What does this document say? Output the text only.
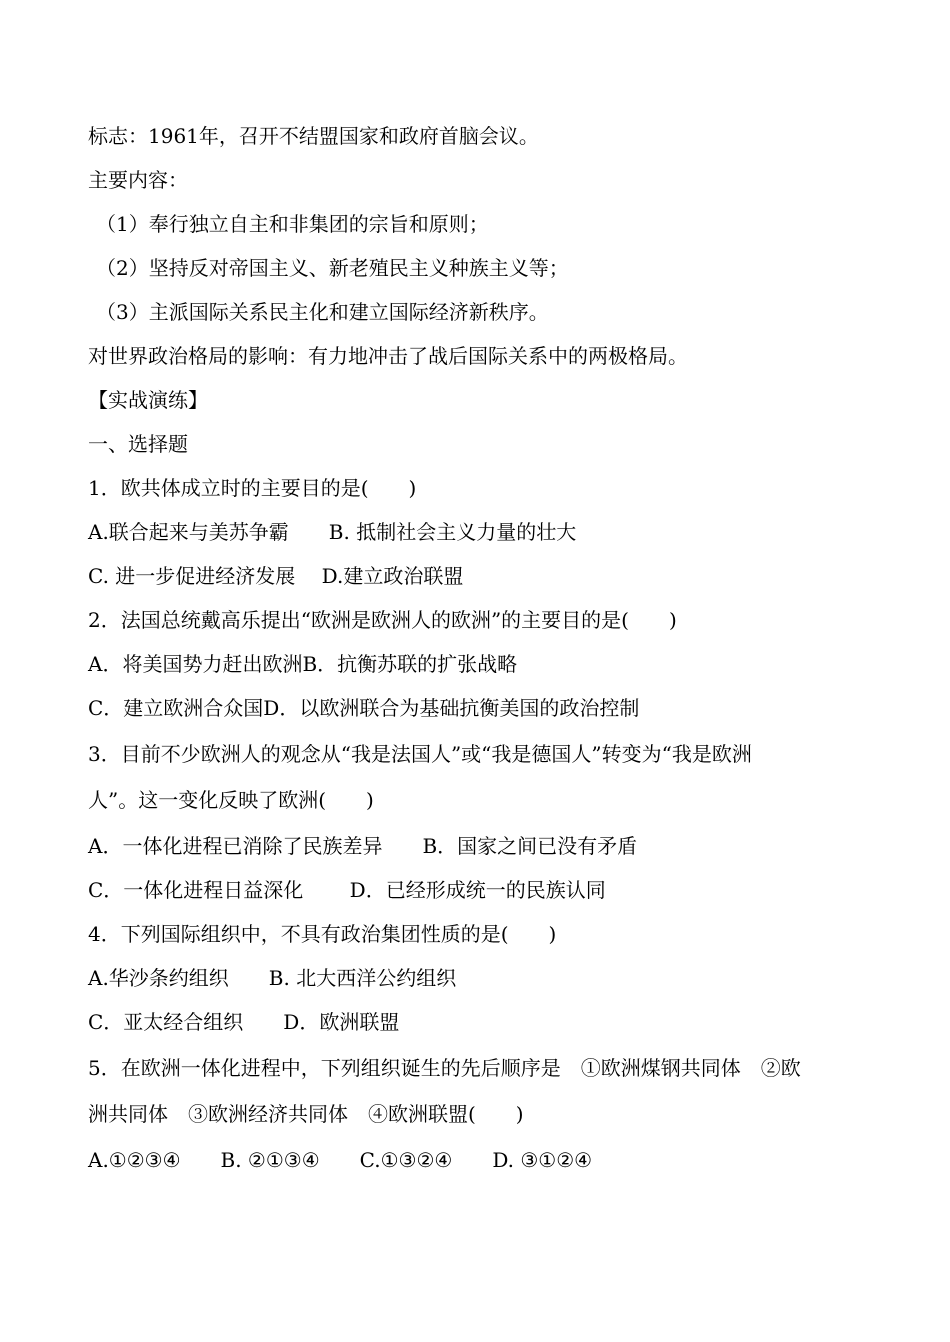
标志：1961年，召开不结盟国家和政府首脑会议。
主要内容：
（1）奉行独立自主和非集团的宗旨和原则；
（2）坚持反对帝国主义、新老殖民主义种族主义等；
（3）主派国际关系民主化和建立国际经济新秩序。
对世界政治格局的影响：有力地冲击了战后国际关系中的两极格局。
【实战演练】
一、选择题
1．欧共体成立时的主要目的是(　　)
A.联合起来与美苏争霸　　B. 抵制社会主义力量的壮大
C. 进一步促进经济发展　 D.建立政治联盟
2．法国总统戴高乐提出“欧洲是欧洲人的欧洲”的主要目的是(　　)
A．将美国势力赶出欧洲B．抗衡苏联的扩张战略
C．建立欧洲合众国D．以欧洲联合为基础抗衡美国的政治控制
3．目前不少欧洲人的观念从“我是法国人”或“我是德国人”转变为“我是欧洲
人”。这一变化反映了欧洲(　　)
A．一体化进程已消除了民族差异　　B．国家之间已没有矛盾
C．一体化进程日益深化　　 D．已经形成统一的民族认同
4．下列国际组织中，不具有政治集团性质的是(　　)
A.华沙条约组织　　B. 北大西洋公约组织
C．亚太经合组织　　D．欧洲联盟
5．在欧洲一体化进程中，下列组织诞生的先后顺序是　①欧洲煤钢共同体　②欧
洲共同体　③欧洲经济共同体　④欧洲联盟(　　)
A.①②③④　　B. ②①③④　　C.①③②④　　D. ③①②④
